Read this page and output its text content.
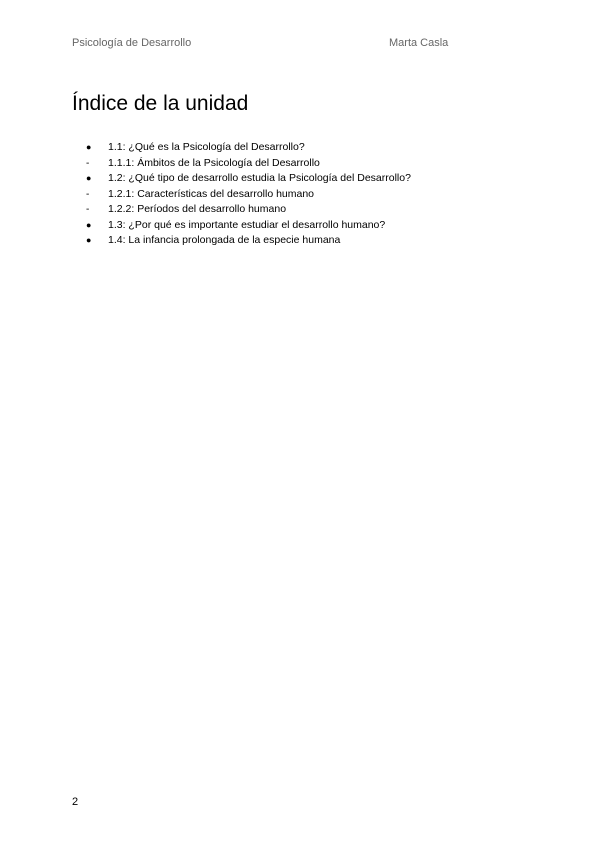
Psicología de Desarrollo	Marta Casla
Índice de la unidad
●	1.1: ¿Qué es la Psicología del Desarrollo?
-	1.1.1: Ámbitos de la Psicología del Desarrollo
●	1.2: ¿Qué tipo de desarrollo estudia la Psicología del Desarrollo?
-	1.2.1: Características del desarrollo humano
-	1.2.2: Períodos del desarrollo humano
●	1.3: ¿Por qué es importante estudiar el desarrollo humano?
●	1.4: La infancia prolongada de la especie humana
2
